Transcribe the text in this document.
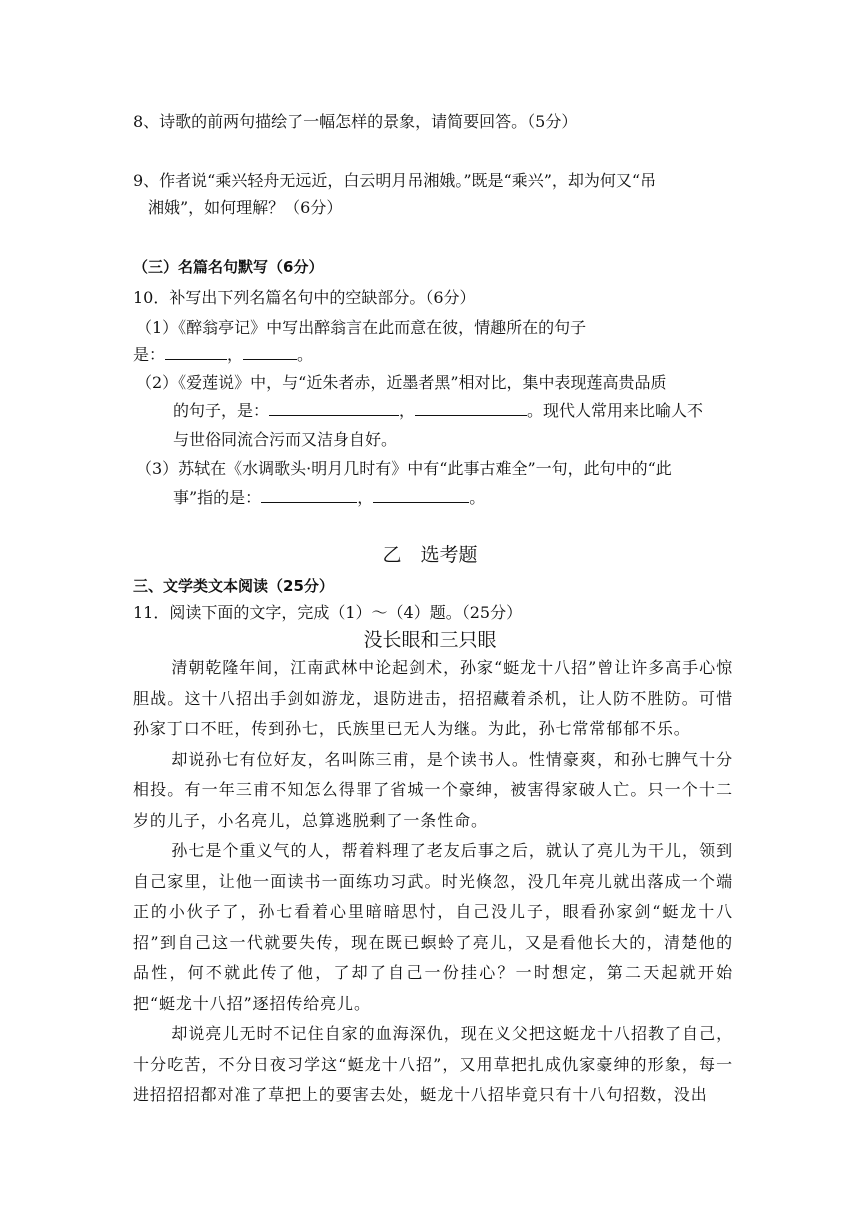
8、诗歌的前两句描绘了一幅怎样的景象，请简要回答。（5分）
9、作者说“乘兴轻舟无远近，白云明月吊湘娥。”既是“乘兴”，却为何又“吊
湘娥”，如何理解？（6分）
（三）名篇名句默写（6分）
10．补写出下列名篇名句中的空缺部分。（6分）
（1）《醉翁亭记》中写出醉翁言在此而意在彼，情趣所在的句子
是：	，	。
（2）《爱莲说》中，与“近朱者赤，近墨者黑”相对比，集中表现莲高贵品质
的句子，是：	，	。现代人常用来比喻人不
与世俗同流合污而又洁身自好。
（3）苏轼在《水调歌头·明月几时有》中有“此事古难全”一句，此句中的“此
事”指的是：	，	。
乙　选考题
三、文学类文本阅读（25分）
11．阅读下面的文字，完成（1）～（4）题。（25分）
没长眼和三只眼

清朝乾隆年间，江南武林中论起剑术，孙家“蜓龙十八招”曾让许多高手心惊胆战。这十八招出手剑如游龙，退防进击，招招藏着杀机，让人防不胜防。可惜孙家丁口不旺，传到孙七，氏族里已无人为继。为此，孙七常常郁郁不乐。

却说孙七有位好友，名叫陈三甫，是个读书人。性情豪爽，和孙七脾气十分相投。有一年三甫不知怎么得罪了省城一个豪绅，被害得家破人亡。只一个十二岁的儿子，小名亮儿，总算逃脱剩了一条性命。

孙七是个重义气的人，帮着料理了老友后事之后，就认了亮儿为干儿，领到自己家里，让他一面读书一面练功习武。时光倏忽，没几年亮儿就出落成一个端正的小伙子了，孙七看着心里暗暗思忖，自己没儿子，眼看孙家剑“蜓龙十八招”到自己这一代就要失传，现在既已螟蛉了亮儿，又是看他长大的，清楚他的品性，何不就此传了他，了却了自己一份挂心？一时想定，第二天起就开始把“蜓龙十八招”逐招传给亮儿。

却说亮儿无时不记住自家的血海深仇，现在义父把这蜓龙十八招教了自己，十分吃苦，不分日夜习学这“蜓龙十八招”，又用草把扎成仇家豪绅的形象，每一进招招招都对准了草把上的要害去处，蜓龙十八招毕竟只有十八句招数，没出
